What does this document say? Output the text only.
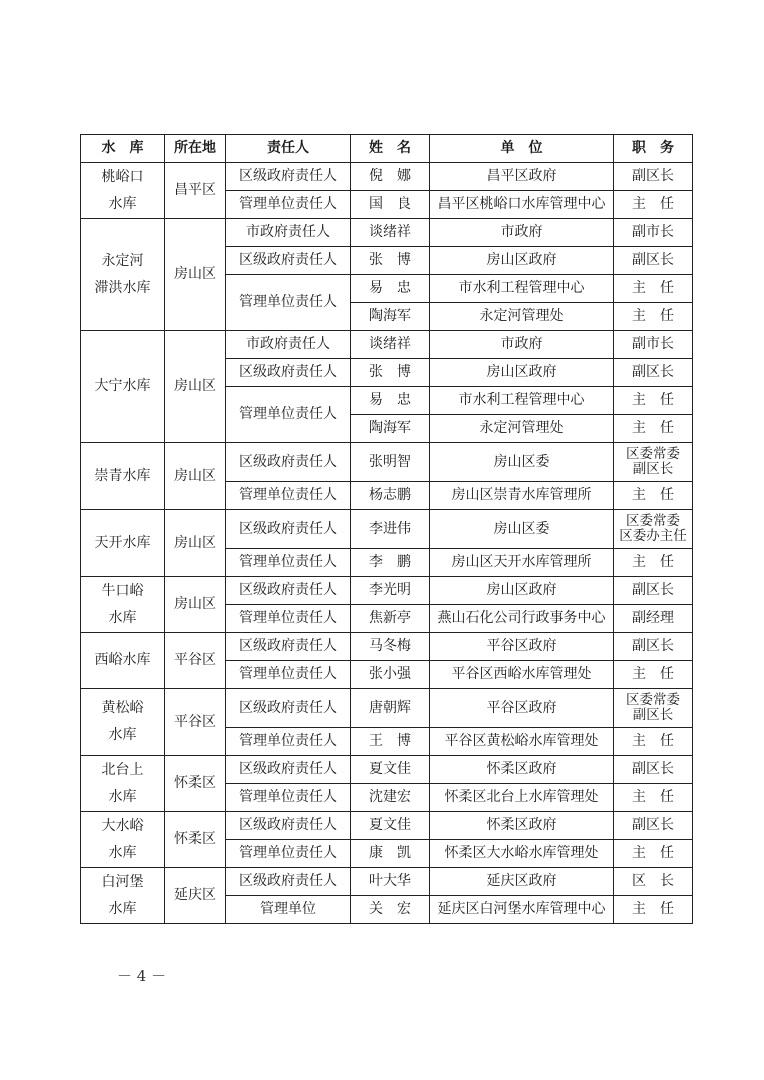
水　库	所在地	责任人	姓　名	单　位	职　务
桃峪口
水库	昌平区	区级政府责任人	倪　娜	昌平区政府	副区长
		管理单位责任人	国　良	昌平区桃峪口水库管理中心	主　任
永定河
滞洪水库	房山区	市政府责任人	谈绪祥	市政府	副市长
		区级政府责任人	张　博	房山区政府	副区长
		管理单位责任人	易　忠	市水利工程管理中心	主　任
			陶海军	永定河管理处	主　任
大宁水库	房山区	市政府责任人	谈绪祥	市政府	副市长
		区级政府责任人	张　博	房山区政府	副区长
		管理单位责任人	易　忠	市水利工程管理中心	主　任
			陶海军	永定河管理处	主　任
崇青水库	房山区	区级政府责任人	张明智	房山区委	区委常委
副区长
		管理单位责任人	杨志鹏	房山区崇青水库管理所	主　任
天开水库	房山区	区级政府责任人	李进伟	房山区委	区委常委
区委办主任
		管理单位责任人	李　鹏	房山区天开水库管理所	主　任
牛口峪
水库	房山区	区级政府责任人	李光明	房山区政府	副区长
		管理单位责任人	焦新亭	燕山石化公司行政事务中心	副经理
西峪水库	平谷区	区级政府责任人	马冬梅	平谷区政府	副区长
		管理单位责任人	张小强	平谷区西峪水库管理处	主　任
黄松峪
水库	平谷区	区级政府责任人	唐朝辉	平谷区政府	区委常委
副区长
		管理单位责任人	王　博	平谷区黄松峪水库管理处	主　任
北台上
水库	怀柔区	区级政府责任人	夏文佳	怀柔区政府	副区长
		管理单位责任人	沈建宏	怀柔区北台上水库管理处	主　任
大水峪
水库	怀柔区	区级政府责任人	夏文佳	怀柔区政府	副区长
		管理单位责任人	康　凯	怀柔区大水峪水库管理处	主　任
白河堡
水库	延庆区	区级政府责任人	叶大华	延庆区政府	区　长
		管理单位	关　宏	延庆区白河堡水库管理中心	主　任
－ 4 －
